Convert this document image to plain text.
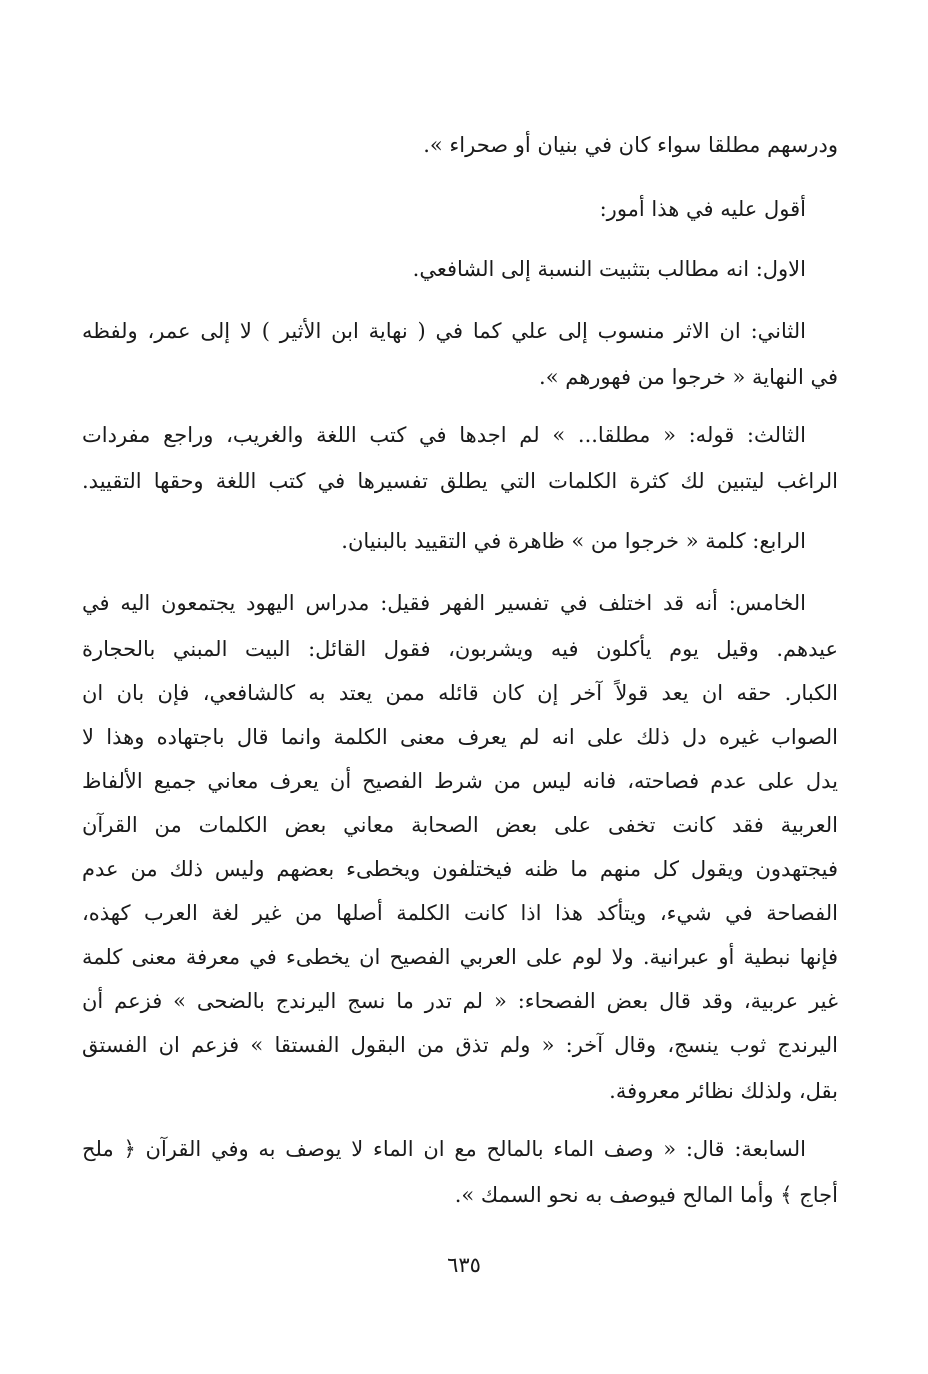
ودرسهم مطلقا سواء كان في بنيان أو صحراء ».
أقول عليه في هذا أمور:
الاول: انه مطالب بتثبيت النسبة إلى الشافعي.
الثاني: ان الاثر منسوب إلى علي كما في ( نهاية ابن الأثير ) لا إلى عمر، ولفظه
في النهاية « خرجوا من فهورهم ».
الثالث: قوله: « مطلقا... » لم اجدها في كتب اللغة والغريب، وراجع مفردات
الراغب ليتبين لك كثرة الكلمات التي يطلق تفسيرها في كتب اللغة وحقها التقييد.
الرابع: كلمة « خرجوا من » ظاهرة في التقييد بالبنيان.
الخامس: أنه قد اختلف في تفسير الفهر فقيل: مدراس اليهود يجتمعون اليه في
عيدهم. وقيل يوم يأكلون فيه ويشربون، فقول القائل: البيت المبني بالحجارة
الكبار. حقه ان يعد قولاً آخر إن كان قائله ممن يعتد به كالشافعي، فإن بان ان
الصواب غيره دل ذلك على انه لم يعرف معنى الكلمة وانما قال باجتهاده وهذا لا
يدل على عدم فصاحته، فانه ليس من شرط الفصيح أن يعرف معاني جميع الألفاظ
العربية فقد كانت تخفى على بعض الصحابة معاني بعض الكلمات من القرآن
فيجتهدون ويقول كل منهم ما ظنه فيختلفون ويخطىء بعضهم وليس ذلك من عدم
الفصاحة في شيء، ويتأكد هذا اذا كانت الكلمة أصلها من غير لغة العرب كهذه،
فإنها نبطية أو عبرانية. ولا لوم على العربي الفصيح ان يخطىء في معرفة معنى كلمة
غير عربية، وقد قال بعض الفصحاء: « لم تدر ما نسج اليرندج بالضحى » فزعم أن
اليرندج ثوب ينسج، وقال آخر: « ولم تذق من البقول الفستقا » فزعم ان الفستق
بقل، ولذلك نظائر معروفة.
السابعة: قال: « وصف الماء بالمالح مع ان الماء لا يوصف به وفي القرآن ﴿ ملح
أجاج ﴾ وأما المالح فيوصف به نحو السمك ».
٦٣٥
